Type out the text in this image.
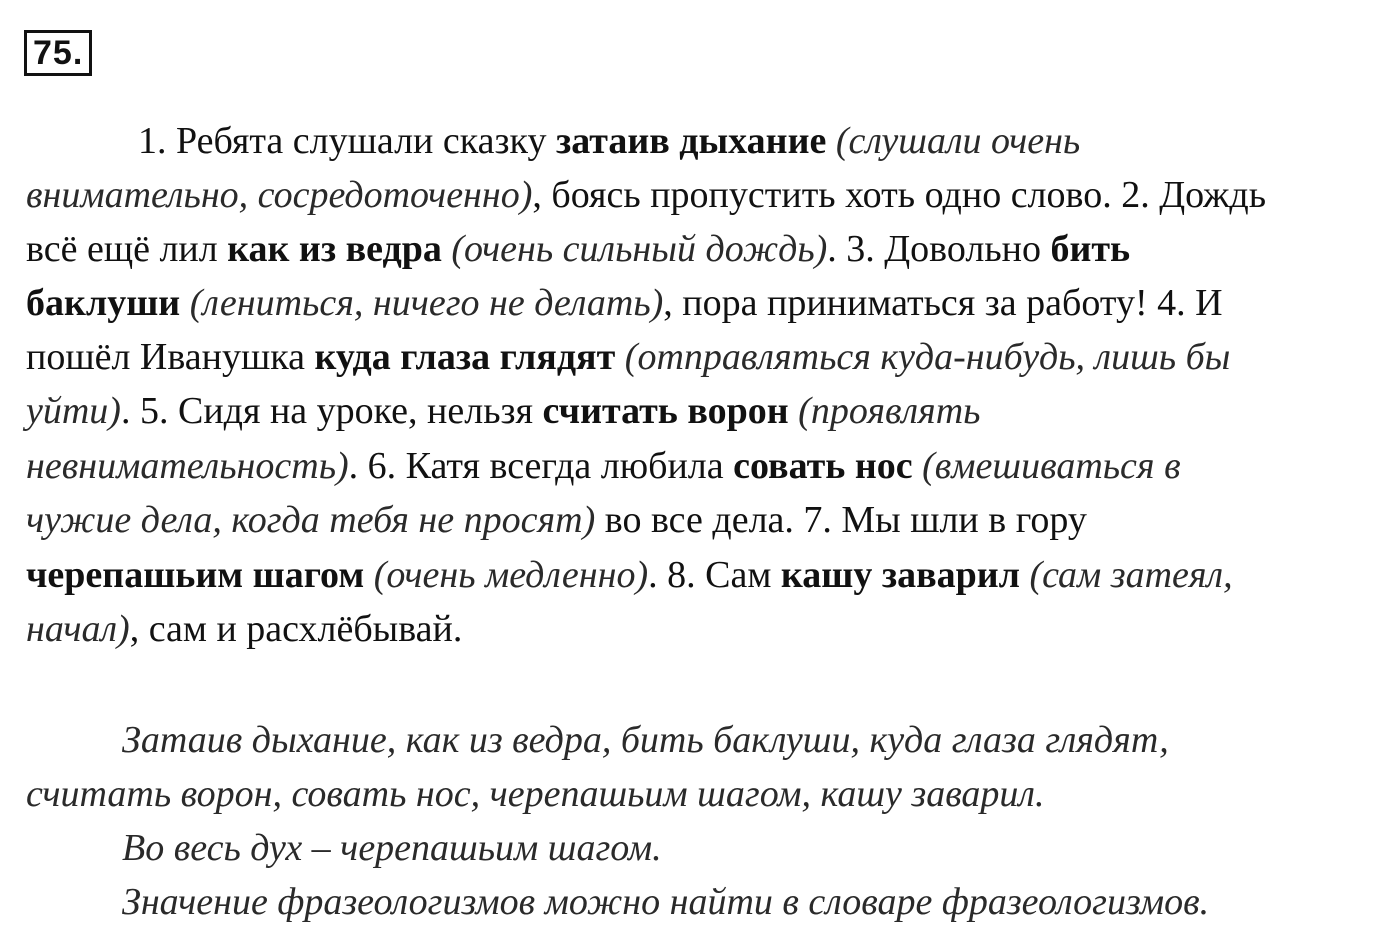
75.
1. Ребята слушали сказку затаив дыхание (слушали очень
внимательно, сосредоточенно), боясь пропустить хоть одно слово. 2. Дождь
всё ещё лил как из ведра (очень сильный дождь). 3. Довольно бить
баклуши (лениться, ничего не делать), пора приниматься за работу! 4. И
пошёл Иванушка куда глаза глядят (отправляться куда-нибудь, лишь бы
уйти). 5. Сидя на уроке, нельзя считать ворон (проявлять
невнимательность). 6. Катя всегда любила совать нос (вмешиваться в
чужие дела, когда тебя не просят) во все дела. 7. Мы шли в гору
черепашьим шагом (очень медленно). 8. Сам кашу заварил (сам затеял,
начал), сам и расхлёбывай.
Затаив дыхание, как из ведра, бить баклуши, куда глаза глядят,
считать ворон, совать нос, черепашьим шагом, кашу заварил.
Во весь дух – черепашьим шагом.
Значение фразеологизмов можно найти в словаре фразеологизмов.
